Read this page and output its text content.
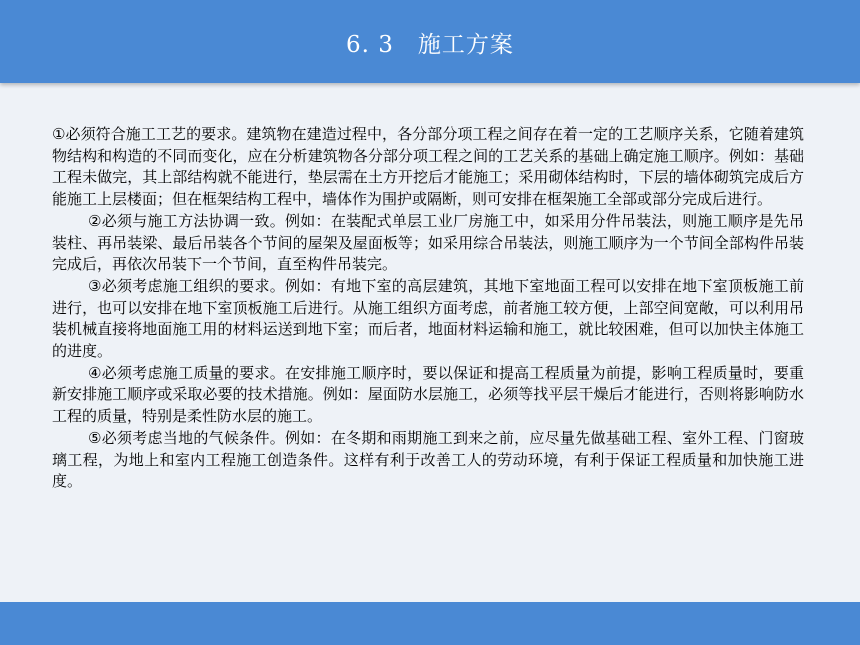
6. 3　施工方案

①必须符合施工工艺的要求。建筑物在建造过程中，各分部分项工程之间存在着一定的工艺顺序关系，它随着建筑物结构和构造的不同而变化，应在分析建筑物各分部分项工程之间的工艺关系的基础上确定施工顺序。例如：基础工程未做完，其上部结构就不能进行，垫层需在土方开挖后才能施工；采用砌体结构时，下层的墙体砌筑完成后方能施工上层楼面；但在框架结构工程中，墙体作为围护或隔断，则可安排在框架施工全部或部分完成后进行。

②必须与施工方法协调一致。例如：在装配式单层工业厂房施工中，如采用分件吊装法，则施工顺序是先吊装柱、再吊装梁、最后吊装各个节间的屋架及屋面板等；如采用综合吊装法，则施工顺序为一个节间全部构件吊装完成后，再依次吊装下一个节间，直至构件吊装完。

③必须考虑施工组织的要求。例如：有地下室的高层建筑，其地下室地面工程可以安排在地下室顶板施工前进行，也可以安排在地下室顶板施工后进行。从施工组织方面考虑，前者施工较方便，上部空间宽敞，可以利用吊装机械直接将地面施工用的材料运送到地下室；而后者，地面材料运输和施工，就比较困难，但可以加快主体施工的进度。

④必须考虑施工质量的要求。在安排施工顺序时，要以保证和提高工程质量为前提，影响工程质量时，要重新安排施工顺序或采取必要的技术措施。例如：屋面防水层施工，必须等找平层干燥后才能进行，否则将影响防水工程的质量，特别是柔性防水层的施工。

⑤必须考虑当地的气候条件。例如：在冬期和雨期施工到来之前，应尽量先做基础工程、室外工程、门窗玻璃工程，为地上和室内工程施工创造条件。这样有利于改善工人的劳动环境，有利于保证工程质量和加快施工进度。
